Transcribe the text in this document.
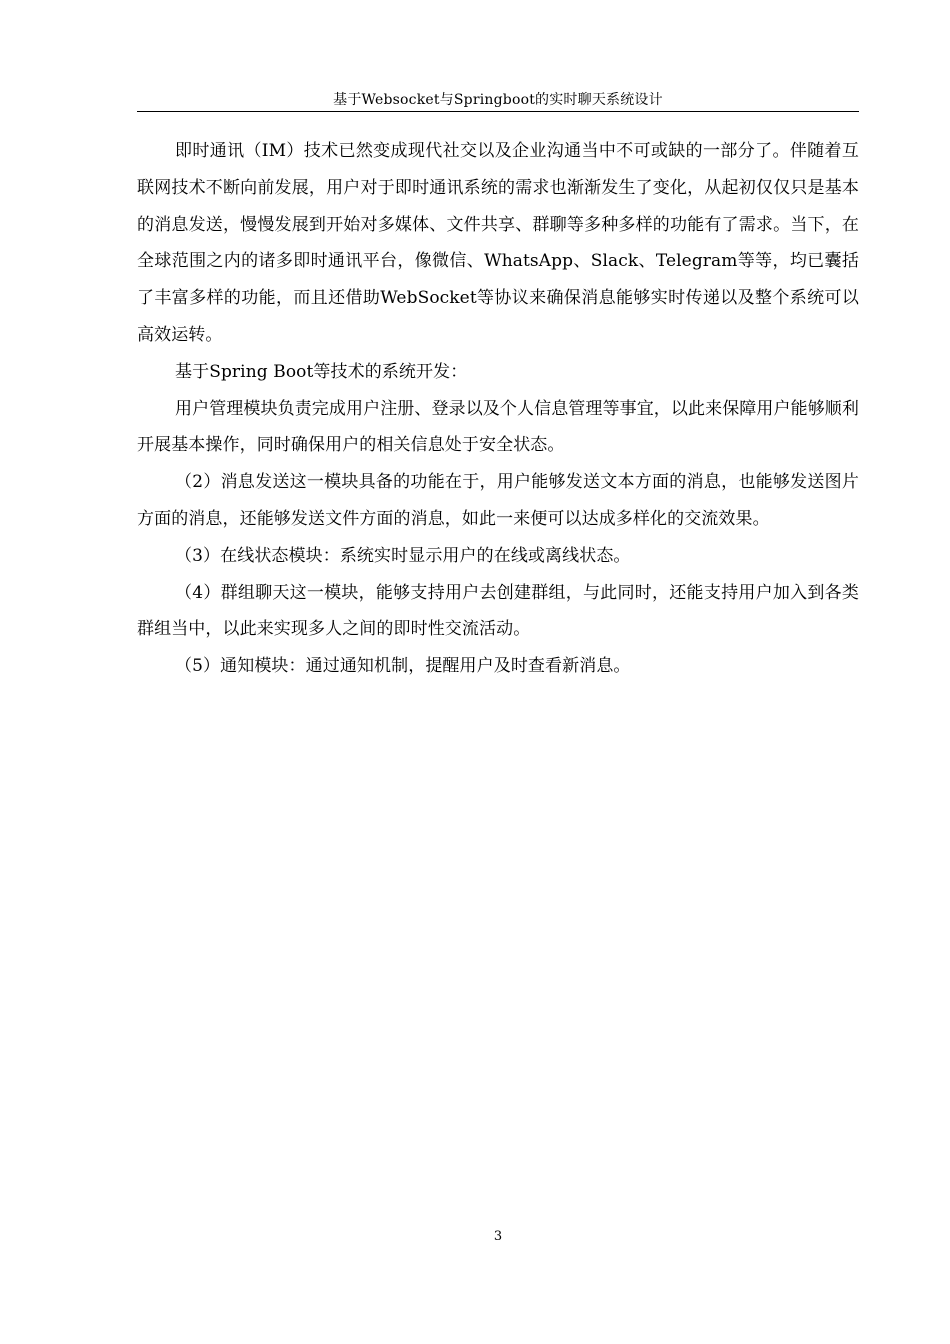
基于Websocket与Springboot的实时聊天系统设计

即时通讯（IM）技术已然变成现代社交以及企业沟通当中不可或缺的一部分了。伴随着互联网技术不断向前发展，用户对于即时通讯系统的需求也渐渐发生了变化，从起初仅仅只是基本的消息发送，慢慢发展到开始对多媒体、文件共享、群聊等多种多样的功能有了需求。当下，在全球范围之内的诸多即时通讯平台，像微信、WhatsApp、Slack、Telegram等等，均已囊括了丰富多样的功能，而且还借助WebSocket等协议来确保消息能够实时传递以及整个系统可以高效运转。

基于Spring Boot等技术的系统开发：

用户管理模块负责完成用户注册、登录以及个人信息管理等事宜，以此来保障用户能够顺利开展基本操作，同时确保用户的相关信息处于安全状态。

（2）消息发送这一模块具备的功能在于，用户能够发送文本方面的消息，也能够发送图片方面的消息，还能够发送文件方面的消息，如此一来便可以达成多样化的交流效果。

（3）在线状态模块：系统实时显示用户的在线或离线状态。

（4）群组聊天这一模块，能够支持用户去创建群组，与此同时，还能支持用户加入到各类群组当中，以此来实现多人之间的即时性交流活动。

（5）通知模块：通过通知机制，提醒用户及时查看新消息。

3
